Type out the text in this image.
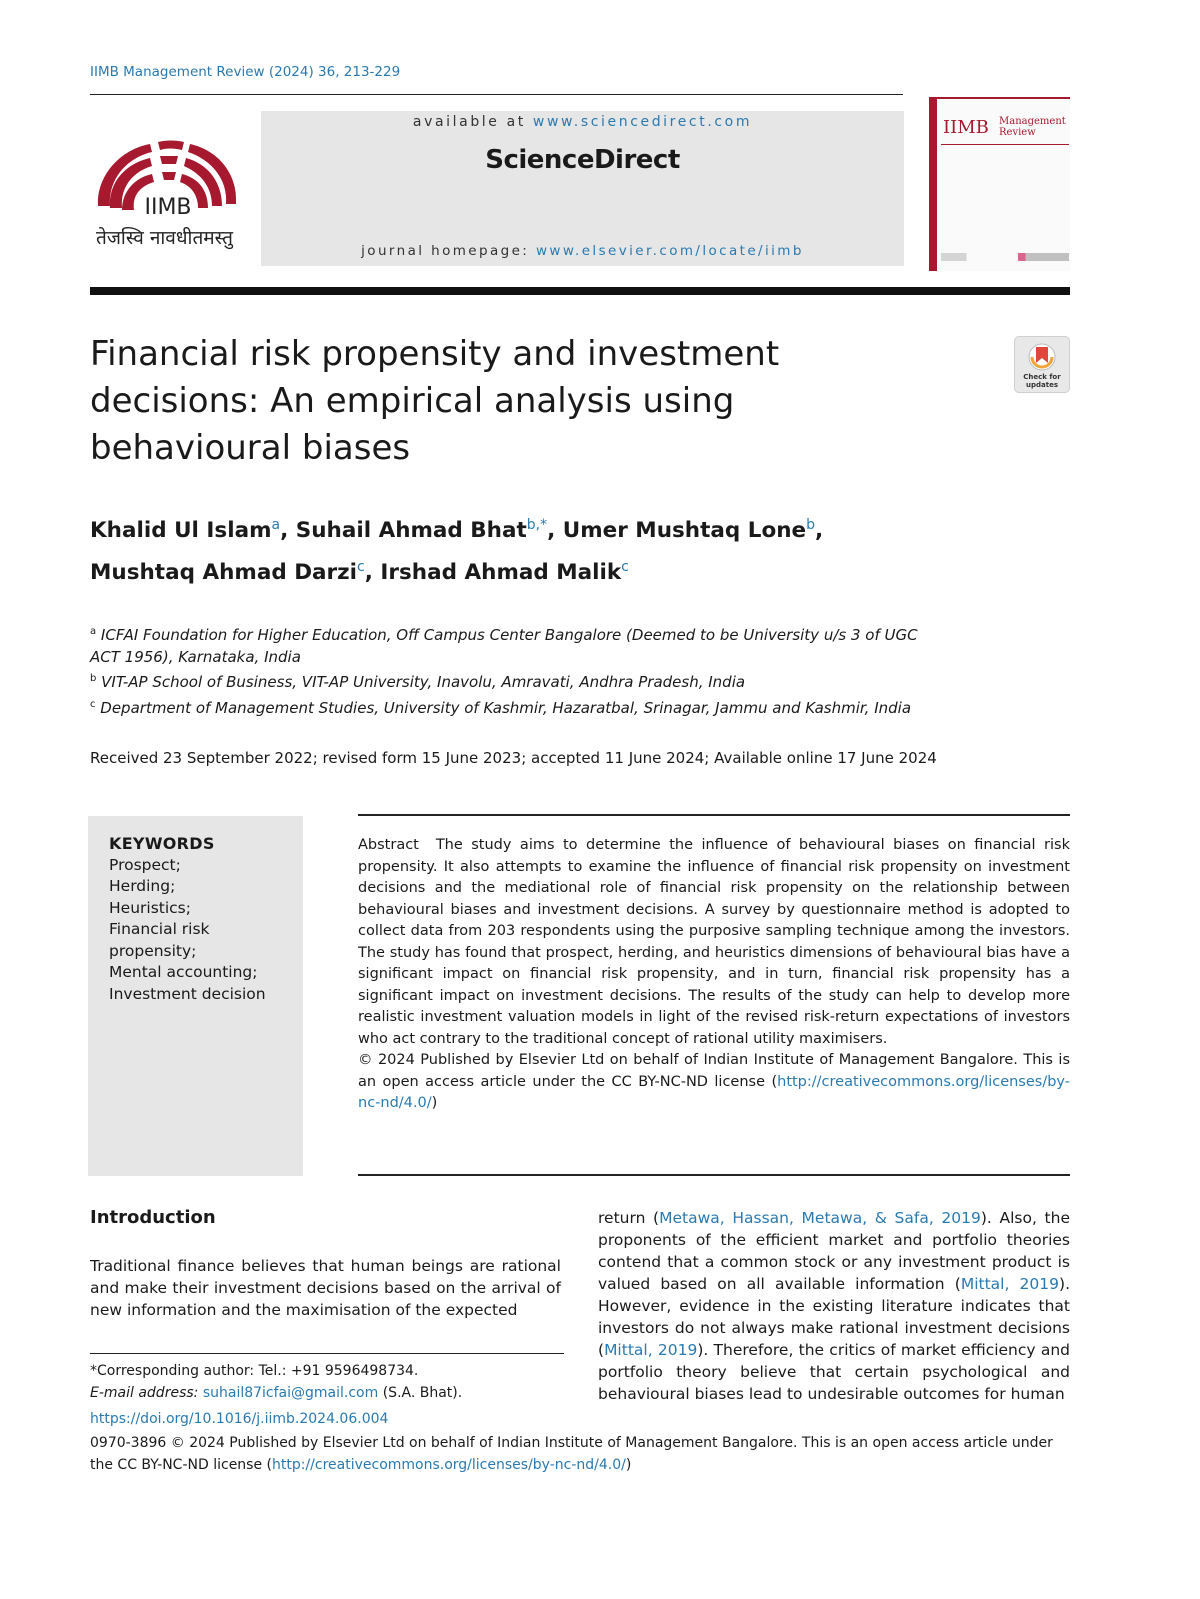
IIMB Management Review (2024) 36, 213-229
IIMB
तेजस्वि नावधीतमस्तु
available at www.sciencedirect.com
ScienceDirect
journal homepage: www.elsevier.com/locate/iimb
IIMB Management
Review
Financial risk propensity and investment
decisions: An empirical analysis using
behavioural biases
Check for
updates
Khalid Ul Islam$^a$, Suhail Ahmad Bhat$^{b,*}$, Umer Mushtaq Lone$^b$,
Mushtaq Ahmad Darzi$^c$, Irshad Ahmad Malik$^c$
$^a$ ICFAI Foundation for Higher Education, Off Campus Center Bangalore (Deemed to be University u/s 3 of UGC ACT 1956), Karnataka, India
$^b$ VIT-AP School of Business, VIT-AP University, Inavolu, Amravati, Andhra Pradesh, India
$^c$ Department of Management Studies, University of Kashmir, Hazaratbal, Srinagar, Jammu and Kashmir, India
Received 23 September 2022; revised form 15 June 2023; accepted 11 June 2024; Available online 17 June 2024
KEYWORDS
Prospect;
Herding;
Heuristics;
Financial risk propensity;
Mental accounting;
Investment decision

Abstract The study aims to determine the influence of behavioural biases on financial risk propensity. It also attempts to examine the influence of financial risk propensity on investment decisions and the mediational role of financial risk propensity on the relationship between behavioural biases and investment decisions. A survey by questionnaire method is adopted to collect data from 203 respondents using the purposive sampling technique among the investors. The study has found that prospect, herding, and heuristics dimensions of behavioural bias have a significant impact on financial risk propensity, and in turn, financial risk propensity has a significant impact on investment decisions. The results of the study can help to develop more realistic investment valuation models in light of the revised risk-return expectations of investors who act contrary to the traditional concept of rational utility maximisers.

© 2024 Published by Elsevier Ltd on behalf of Indian Institute of Management Bangalore. This is an open access article under the CC BY-NC-ND license (http://creativecommons.org/licenses/by-nc-nd/4.0/)

Introduction

Traditional finance believes that human beings are rational and make their investment decisions based on the arrival of new information and the maximisation of the expected

return (Metawa, Hassan, Metawa, & Safa, 2019). Also, the proponents of the efficient market and portfolio theories contend that a common stock or any investment product is valued based on all available information (Mittal, 2019). However, evidence in the existing literature indicates that investors do not always make rational investment decisions (Mittal, 2019). Therefore, the critics of market efficiency and portfolio theory believe that certain psychological and behavioural biases lead to undesirable outcomes for human

*Corresponding author: Tel.: +91 9596498734.
E-mail address: suhail87icfai@gmail.com (S.A. Bhat).
https://doi.org/10.1016/j.iimb.2024.06.004
0970-3896 © 2024 Published by Elsevier Ltd on behalf of Indian Institute of Management Bangalore. This is an open access article under the CC BY-NC-ND license (http://creativecommons.org/licenses/by-nc-nd/4.0/)
